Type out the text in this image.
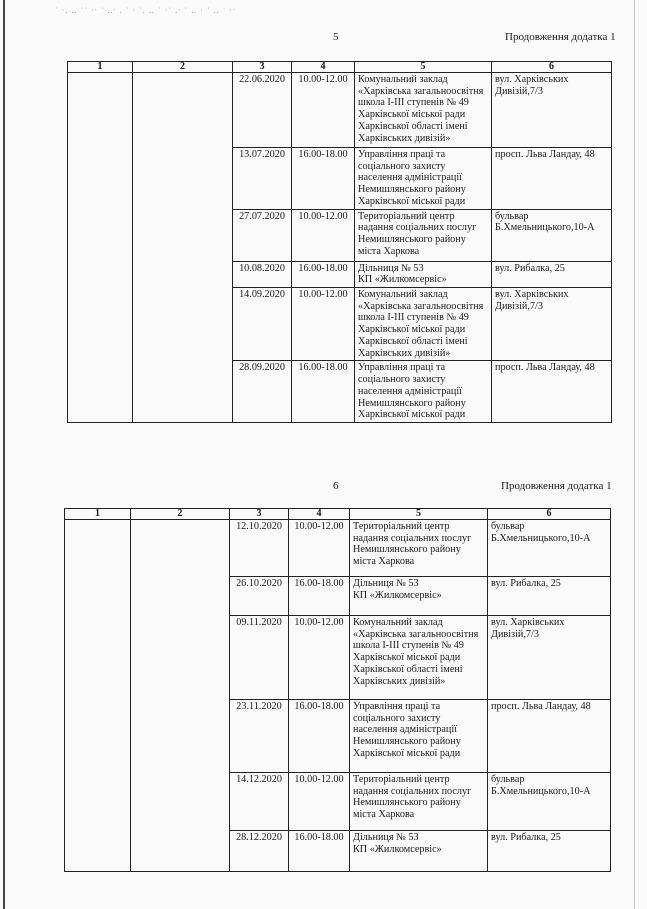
˙ ·. ‥ ˙˙ ·ˑ ˙ ..ˑ . ˙ · ˙. ‥ ˙ ·˙ .ˑ ˙ ‥ · ˙ .. ˙ ·ˑ
5	Продовження додатка 1
1	2	3	4	5	6
		22.06.2020	10.00-12.00	Комунальний заклад
«Харківська загальноосвітня школа І-ІІІ ступенів № 49 Харківської міської ради Харківської області імені Харківських дивізій»	вул. Харківських Дивізій,7/3
		13.07.2020	16.00-18.00	Управління праці та соціального захисту населення адміністрації Немишлянського району Харківської міської ради	просп. Льва Ландау, 48
		27.07.2020	10.00-12.00	Територіальний центр надання соціальних послуг Немишлянського району міста Харкова	бульвар Б.Хмельницького,10-А
		10.08.2020	16.00-18.00	Дільниця № 53
КП «Жилкомсервіс»	вул. Рибалка, 25
		14.09.2020	10.00-12.00	Комунальний заклад
«Харківська загальноосвітня школа І-ІІІ ступенів № 49 Харківської міської ради Харківської області імені Харківських дивізій»	вул. Харківських Дивізій,7/3
		28.09.2020	16.00-18.00	Управління праці та соціального захисту населення адміністрації Немишлянського району Харківської міської ради	просп. Льва Ландау, 48
6	Продовження додатка 1
1	2	3	4	5	6
		12.10.2020	10.00-12.00	Територіальний центр надання соціальних послуг Немишлянського району міста Харкова	бульвар Б.Хмельницького,10-А
		26.10.2020	16.00-18.00	Дільниця № 53
КП «Жилкомсервіс»	вул. Рибалка, 25
		09.11.2020	10.00-12.00	Комунальний заклад
«Харківська загальноосвітня школа І-ІІІ ступенів № 49 Харківської міської ради Харківської області імені Харківських дивізій»	вул. Харківських Дивізій,7/3
		23.11.2020	16.00-18.00	Управління праці та соціального захисту населення адміністрації Немишлянського району Харківської міської ради	просп. Льва Ландау, 48
		14.12.2020	10.00-12.00	Територіальний центр надання соціальних послуг Немишлянського району міста Харкова	бульвар Б.Хмельницького,10-А
		28.12.2020	16.00-18.00	Дільниця № 53
КП «Жилкомсервіс»	вул. Рибалка, 25
